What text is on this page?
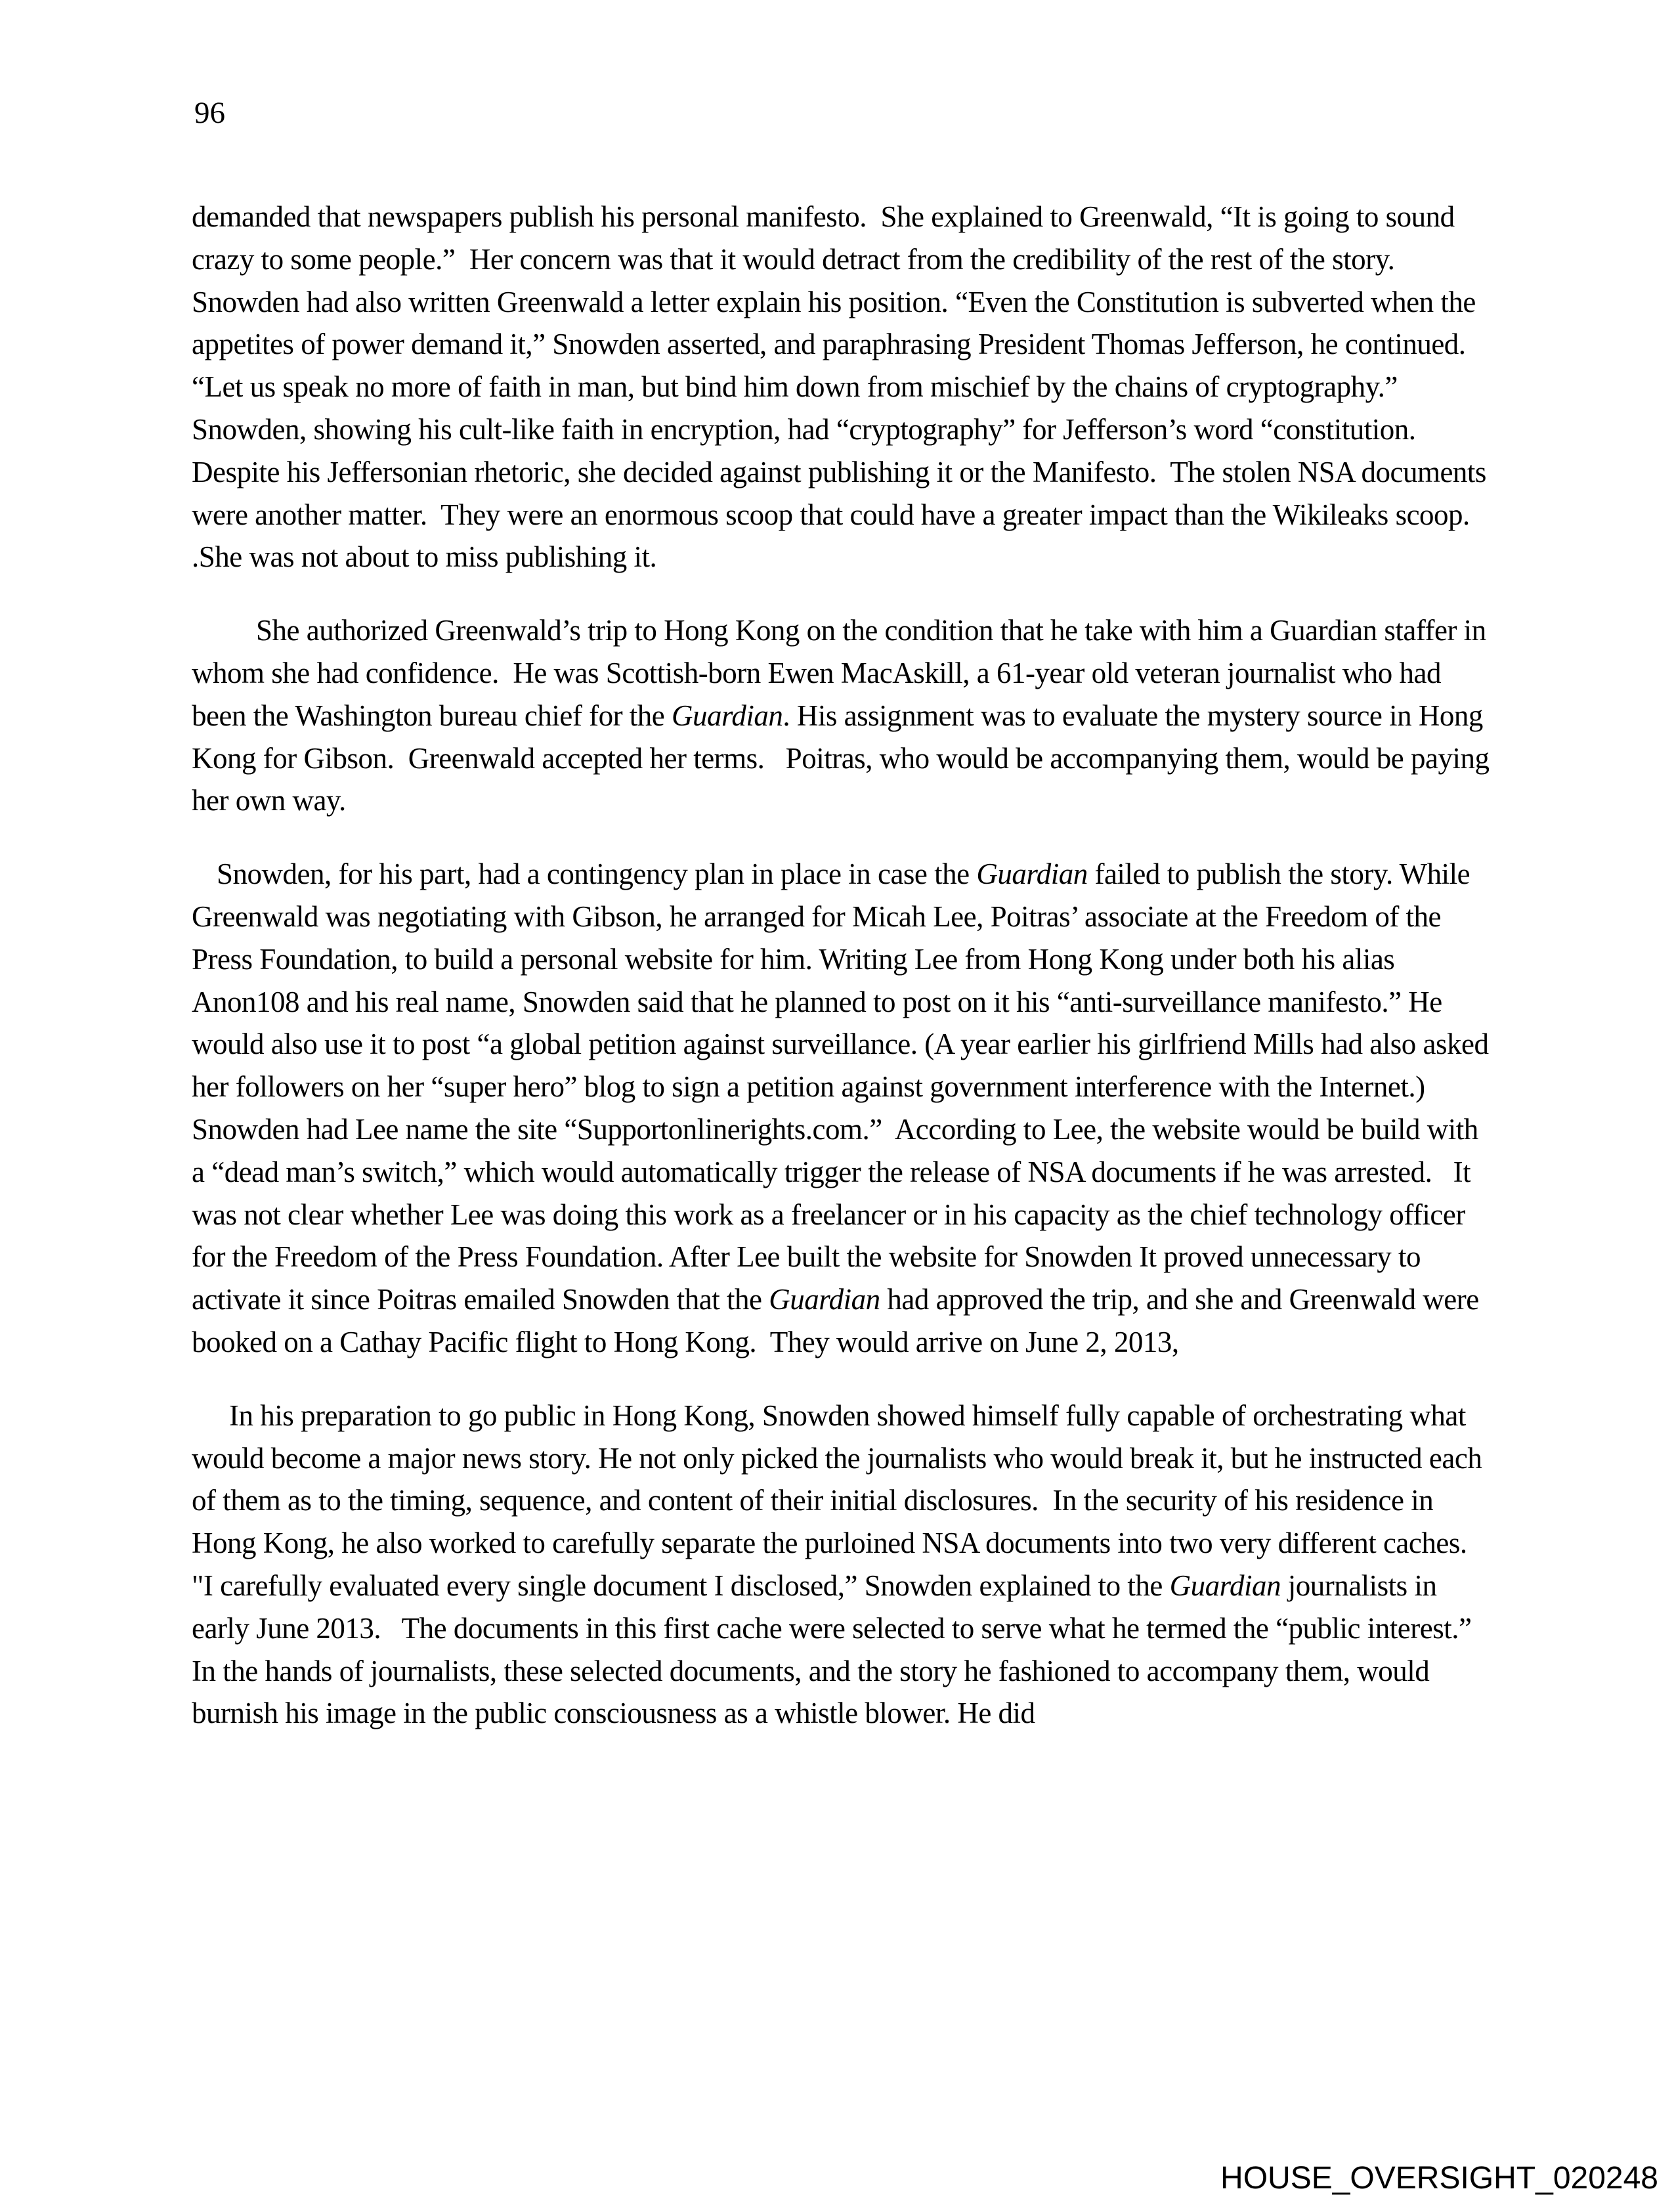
96

demanded that newspapers publish his personal manifesto.  She explained to Greenwald, “It is going to sound crazy to some people.”  Her concern was that it would detract from the credibility of the rest of the story.   Snowden had also written Greenwald a letter explain his position. “Even the Constitution is subverted when the appetites of power demand it,” Snowden asserted, and paraphrasing President Thomas Jefferson, he continued. “Let us speak no more of faith in man, but bind him down from mischief by the chains of cryptography.”   Snowden, showing his cult-like faith in encryption, had “cryptography” for Jefferson’s word “constitution.  Despite his Jeffersonian rhetoric, she decided against publishing it or the Manifesto.  The stolen NSA documents were another matter.  They were an enormous scoop that could have a greater impact than the Wikileaks scoop.   .She was not about to miss publishing it.

She authorized Greenwald’s trip to Hong Kong on the condition that he take with him a Guardian staffer in whom she had confidence.  He was Scottish-born Ewen MacAskill, a 61-year old veteran journalist who had been the Washington bureau chief for the Guardian. His assignment was to evaluate the mystery source in Hong Kong for Gibson.  Greenwald accepted her terms.   Poitras, who would be accompanying them, would be paying her own way.

Snowden, for his part, had a contingency plan in place in case the Guardian failed to publish the story. While Greenwald was negotiating with Gibson, he arranged for Micah Lee, Poitras’ associate at the Freedom of the Press Foundation, to build a personal website for him. Writing Lee from Hong Kong under both his alias Anon108 and his real name, Snowden said that he planned to post on it his “anti-surveillance manifesto.” He would also use it to post “a global petition against surveillance. (A year earlier his girlfriend Mills had also asked her followers on her “super hero” blog to sign a petition against government interference with the Internet.) Snowden had Lee name the site “Supportonlinerights.com.”  According to Lee, the website would be build with a “dead man’s switch,” which would automatically trigger the release of NSA documents if he was arrested.   It was not clear whether Lee was doing this work as a freelancer or in his capacity as the chief technology officer for the Freedom of the Press Foundation. After Lee built the website for Snowden It proved unnecessary to activate it since Poitras emailed Snowden that the Guardian had approved the trip, and she and Greenwald were booked on a Cathay Pacific flight to Hong Kong.  They would arrive on June 2, 2013,

In his preparation to go public in Hong Kong, Snowden showed himself fully capable of orchestrating what would become a major news story. He not only picked the journalists who would break it, but he instructed each of them as to the timing, sequence, and content of their initial disclosures.  In the security of his residence in Hong Kong, he also worked to carefully separate the purloined NSA documents into two very different caches.  "I carefully evaluated every single document I disclosed,” Snowden explained to the Guardian journalists in early June 2013.   The documents in this first cache were selected to serve what he termed the “public interest.”  In the hands of journalists, these selected documents, and the story he fashioned to accompany them, would burnish his image in the public consciousness as a whistle blower. He did

HOUSE_OVERSIGHT_020248
